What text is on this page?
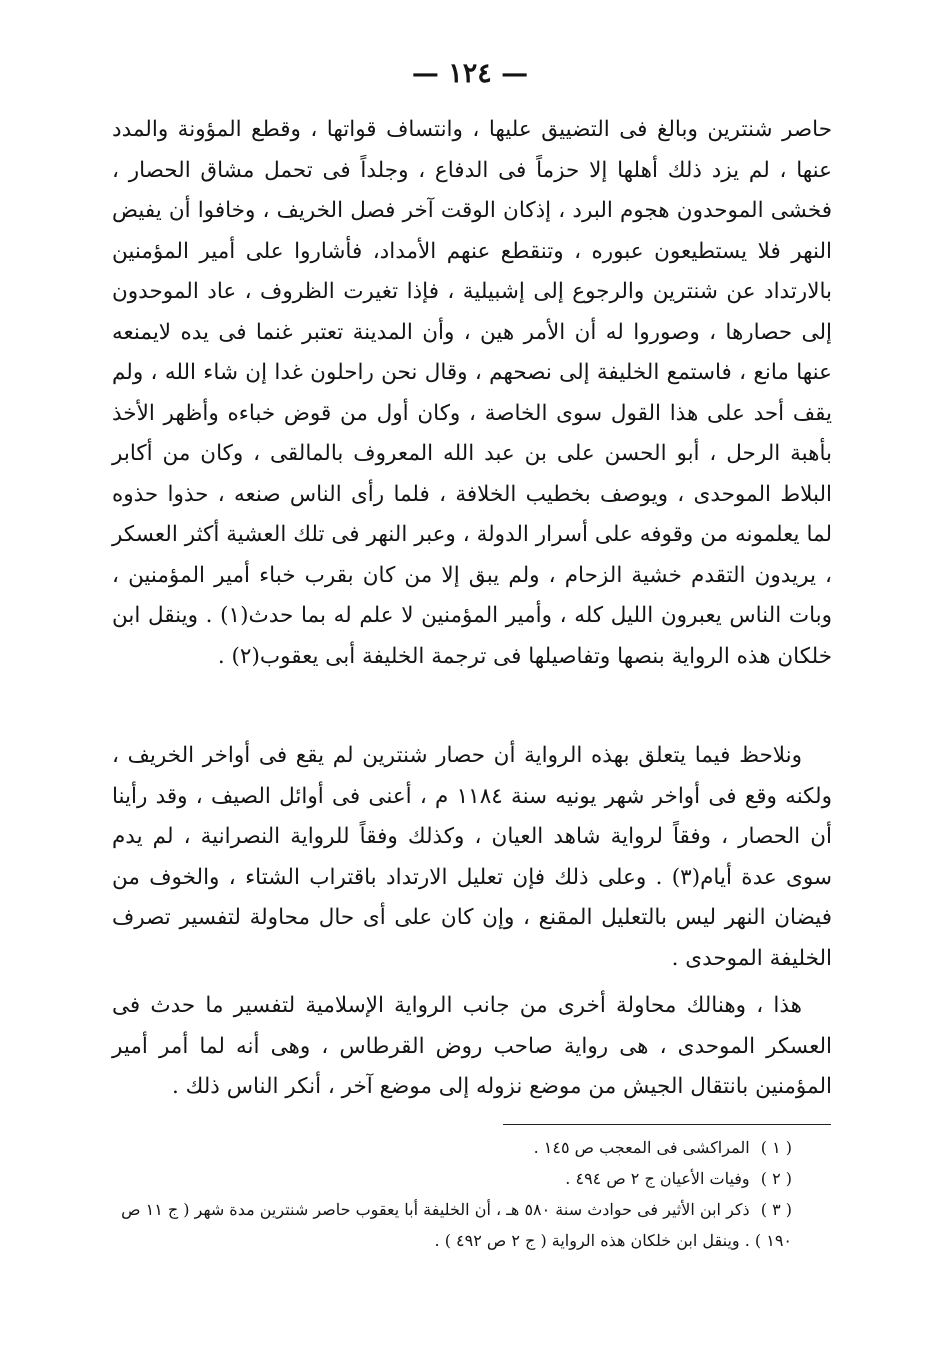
— ١٢٤ —

حاصر شنترين وبالغ فى التضييق عليها ، وانتساف قواتها ، وقطع المؤونة والمدد عنها ، لم يزد ذلك أهلها إلا حزماً فى الدفاع ، وجلداً فى تحمل مشاق الحصار ، فخشى الموحدون هجوم البرد ، إذكان الوقت آخر فصل الخريف ، وخافوا أن يفيض النهر فلا يستطيعون عبوره ، وتنقطع عنهم الأمداد، فأشاروا على أمير المؤمنين بالارتداد عن شنترين والرجوع إلى إشبيلية ، فإذا تغيرت الظروف ، عاد الموحدون إلى حصارها ، وصوروا له أن الأمر هين ، وأن المدينة تعتبر غنما فى يده لايمنعه عنها مانع ، فاستمع الخليفة إلى نصحهم ، وقال نحن راحلون غدا إن شاء الله ، ولم يقف أحد على هذا القول سوى الخاصة ، وكان أول من قوض خباءه وأظهر الأخذ بأهبة الرحل ، أبو الحسن على بن عبد الله المعروف بالمالقى ، وكان من أكابر البلاط الموحدى ، ويوصف بخطيب الخلافة ، فلما رأى الناس صنعه ، حذوا حذوه لما يعلمونه من وقوفه على أسرار الدولة ، وعبر النهر فى تلك العشية أكثر العسكر ، يريدون التقدم خشية الزحام ، ولم يبق إلا من كان بقرب خباء أمير المؤمنين ، وبات الناس يعبرون الليل كله ، وأمير المؤمنين لا علم له بما حدث(١) . وينقل ابن خلكان هذه الرواية بنصها وتفاصيلها فى ترجمة الخليفة أبى يعقوب(٢) .

ونلاحظ فيما يتعلق بهذه الرواية أن حصار شنترين لم يقع فى أواخر الخريف ، ولكنه وقع فى أواخر شهر يونيه سنة ١١٨٤ م ، أعنى فى أوائل الصيف ، وقد رأينا أن الحصار ، وفقاً لرواية شاهد العيان ، وكذلك وفقاً للرواية النصرانية ، لم يدم سوى عدة أيام(٣) . وعلى ذلك فإن تعليل الارتداد باقتراب الشتاء ، والخوف من فيضان النهر ليس بالتعليل المقنع ، وإن كان على أى حال محاولة لتفسير تصرف الخليفة الموحدى .

هذا ، وهنالك محاولة أخرى من جانب الرواية الإسلامية لتفسير ما حدث فى العسكر الموحدى ، هى رواية صاحب روض القرطاس ، وهى أنه لما أمر أمير المؤمنين بانتقال الجيش من موضع نزوله إلى موضع آخر ، أنكر الناس ذلك .

( ١ ) المراكشى فى المعجب ص ١٤٥ .
( ٢ ) وفيات الأعيان ج ٢ ص ٤٩٤ .
( ٣ ) ذكر ابن الأثير فى حوادث سنة ٥٨٠ هـ ، أن الخليفة أبا يعقوب حاصر شنترين مدة شهر ( ج ١١ ص ١٩٠ ) . وينقل ابن خلكان هذه الرواية ( ج ٢ ص ٤٩٢ ) .
